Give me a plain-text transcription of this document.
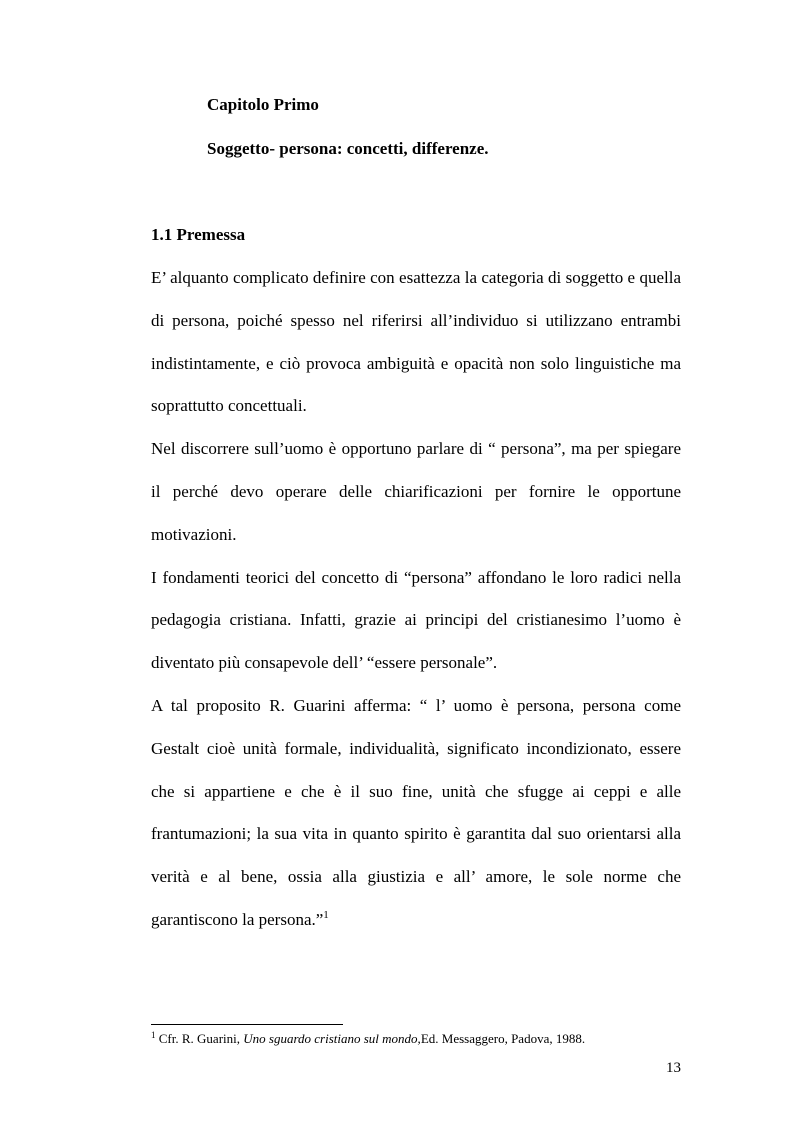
Capitolo Primo
Soggetto- persona: concetti, differenze.
1.1 Premessa

E’ alquanto complicato definire con esattezza la categoria di soggetto e quella di persona, poiché spesso nel riferirsi all’individuo si utilizzano entrambi indistintamente, e ciò provoca ambiguità e opacità non solo linguistiche ma soprattutto concettuali.

Nel discorrere sull’uomo è opportuno parlare di “ persona”, ma per spiegare il perché devo operare delle chiarificazioni per fornire le opportune motivazioni.

I fondamenti teorici del concetto di “persona” affondano le loro radici nella pedagogia cristiana. Infatti, grazie ai principi del cristianesimo l’uomo è diventato più consapevole dell’ “essere personale”.

A tal proposito R. Guarini afferma: “ l’ uomo è persona, persona come Gestalt cioè unità formale, individualità, significato incondizionato, essere che si appartiene e che è il suo fine, unità che sfugge ai ceppi e alle frantumazioni; la sua vita in quanto spirito è garantita dal suo orientarsi alla verità e al bene, ossia alla giustizia e all’ amore, le sole norme che garantiscono la persona.”$^1$

$^1$ Cfr. R. Guarini, Uno sguardo cristiano sul mondo,Ed. Messaggero, Padova, 1988.

13
